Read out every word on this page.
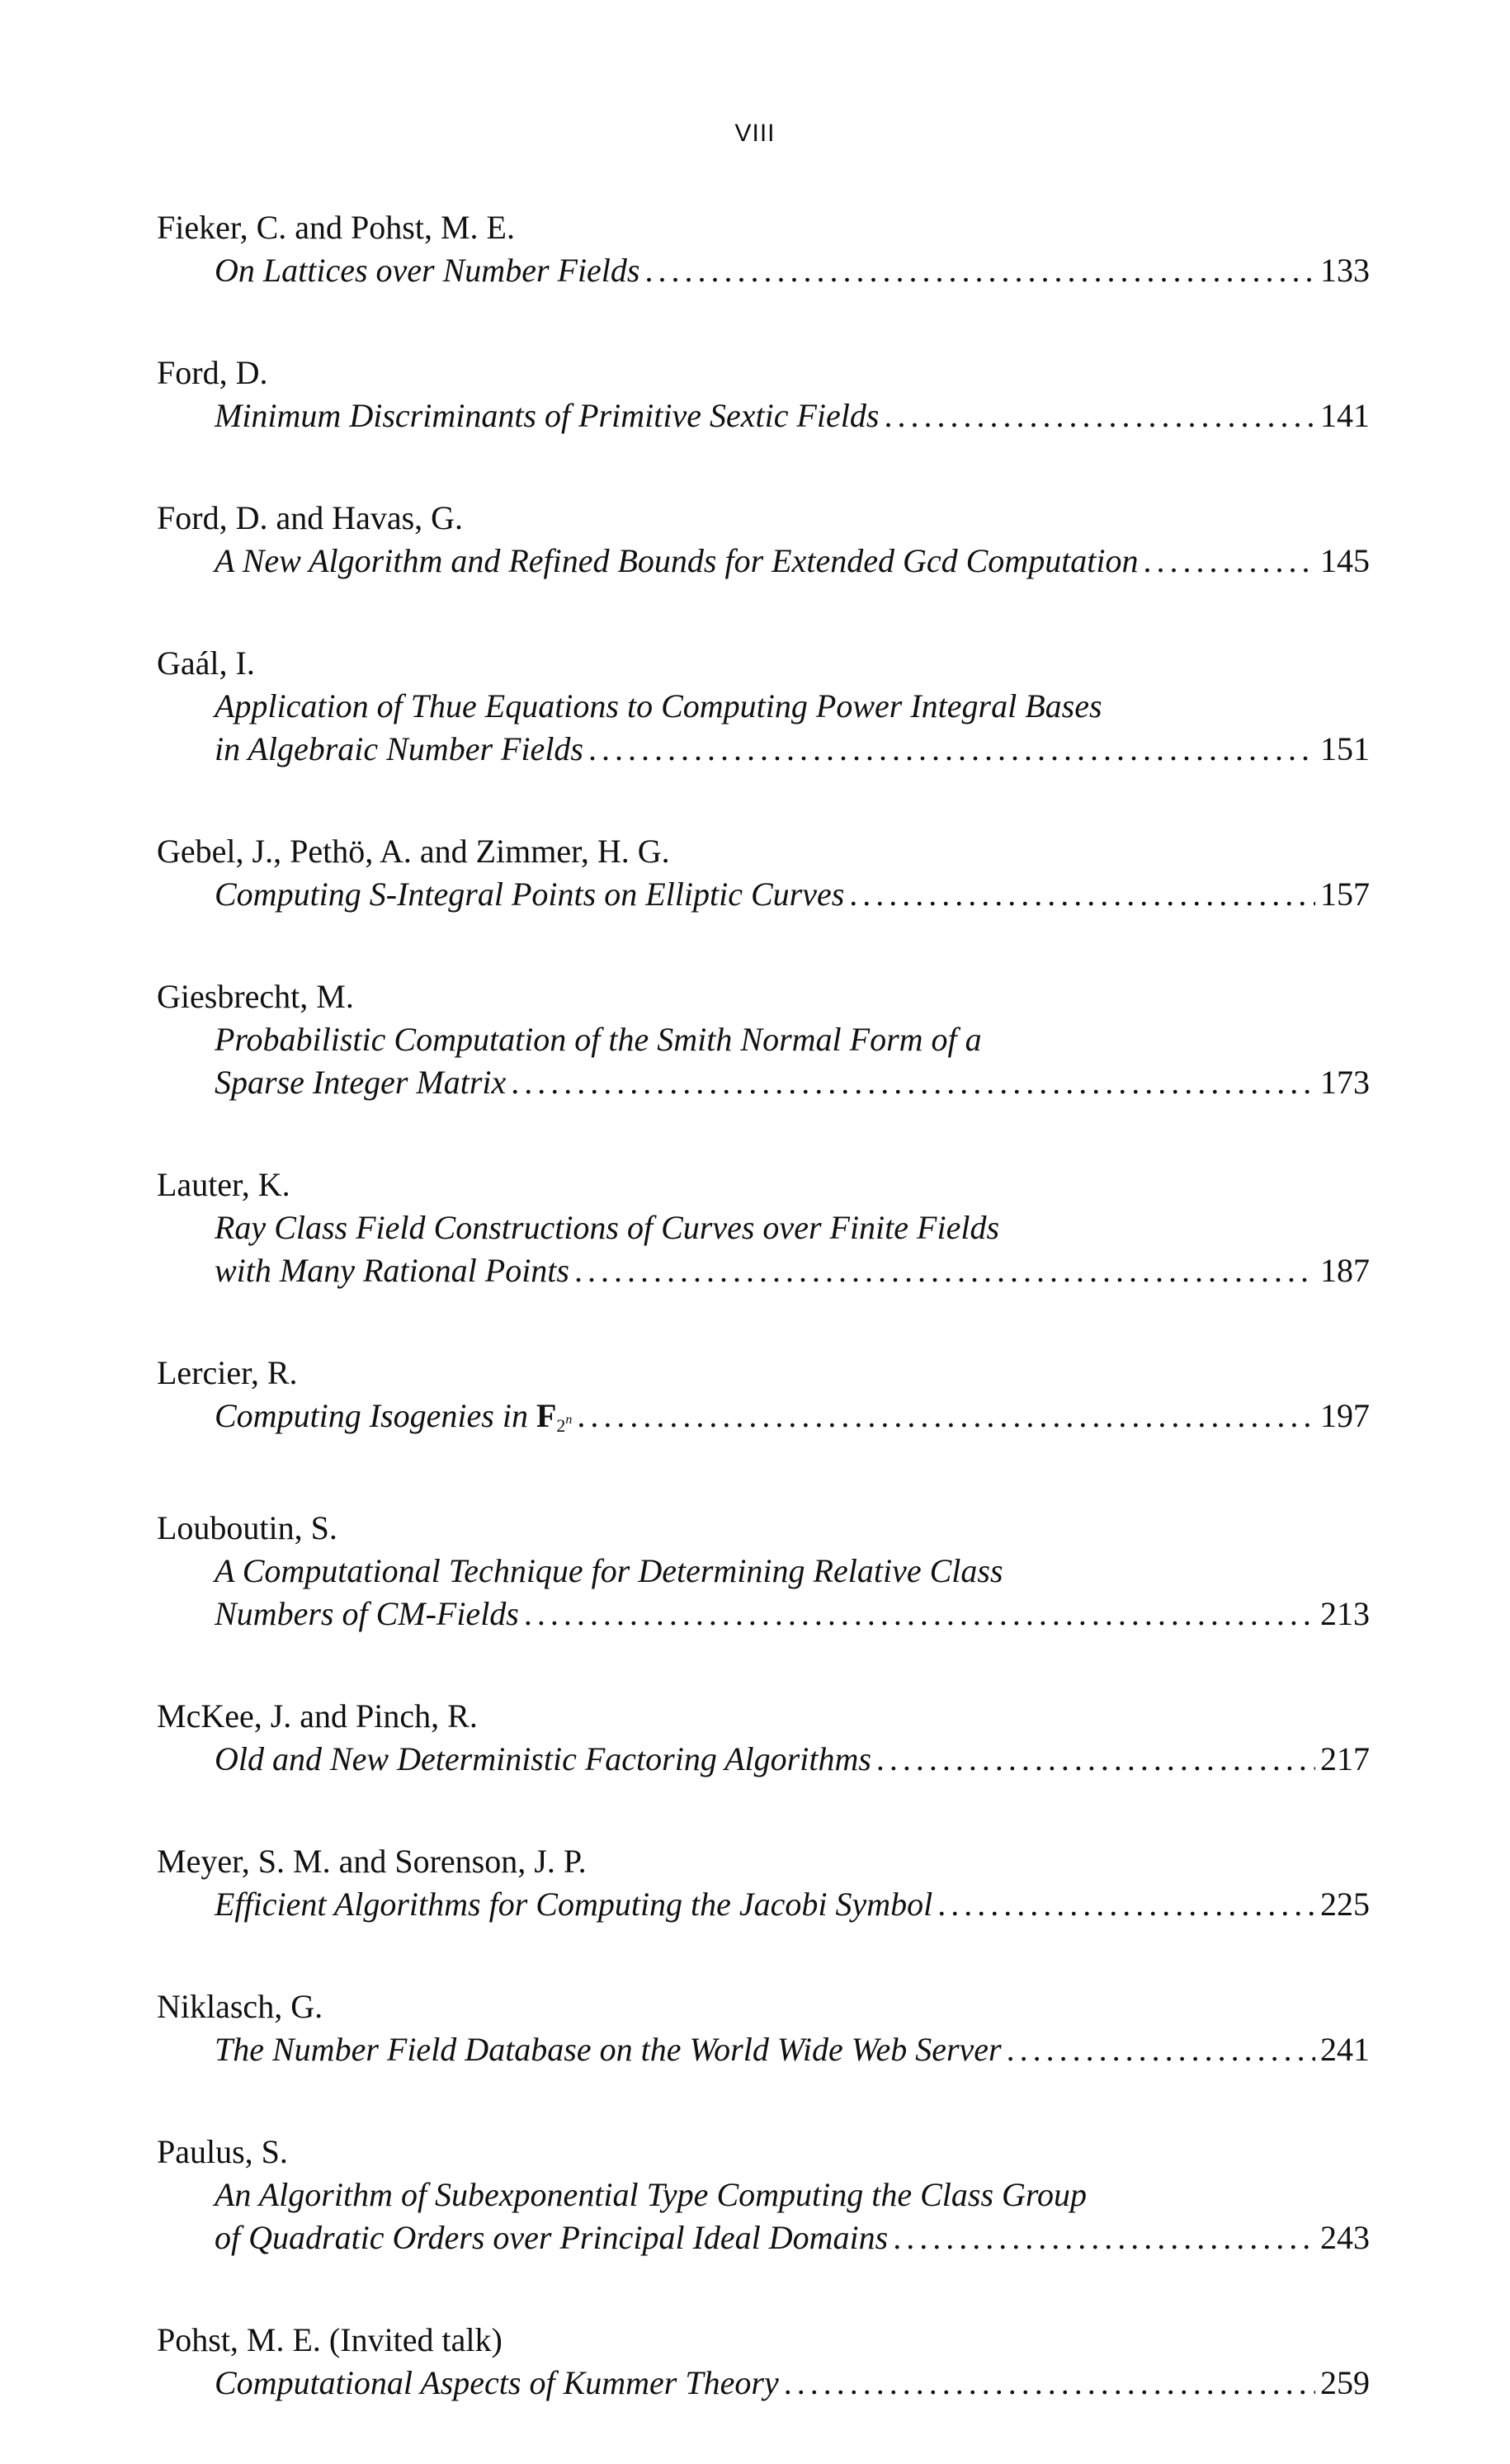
VIII
Fieker, C. and Pohst, M. E.
On Lattices over Number Fields .....	133
Ford, D.
Minimum Discriminants of Primitive Sextic Fields .....	141
Ford, D. and Havas, G.
A New Algorithm and Refined Bounds for Extended Gcd Computation .....	145
Gaál, I.
Application of Thue Equations to Computing Power Integral Bases
in Algebraic Number Fields .....	151
Gebel, J., Pethö, A. and Zimmer, H. G.
Computing S-Integral Points on Elliptic Curves .....	157
Giesbrecht, M.
Probabilistic Computation of the Smith Normal Form of a
Sparse Integer Matrix .....	173
Lauter, K.
Ray Class Field Constructions of Curves over Finite Fields
with Many Rational Points .....	187
Lercier, R.
Computing Isogenies in $F_{2^n}$ .....	197
Louboutin, S.
A Computational Technique for Determining Relative Class
Numbers of CM-Fields .....	213
McKee, J. and Pinch, R.
Old and New Deterministic Factoring Algorithms .....	217
Meyer, S. M. and Sorenson, J. P.
Efficient Algorithms for Computing the Jacobi Symbol .....	225
Niklasch, G.
The Number Field Database on the World Wide Web Server .....	241
Paulus, S.
An Algorithm of Subexponential Type Computing the Class Group
of Quadratic Orders over Principal Ideal Domains .....	243
Pohst, M. E. (Invited talk)
Computational Aspects of Kummer Theory .....	259
